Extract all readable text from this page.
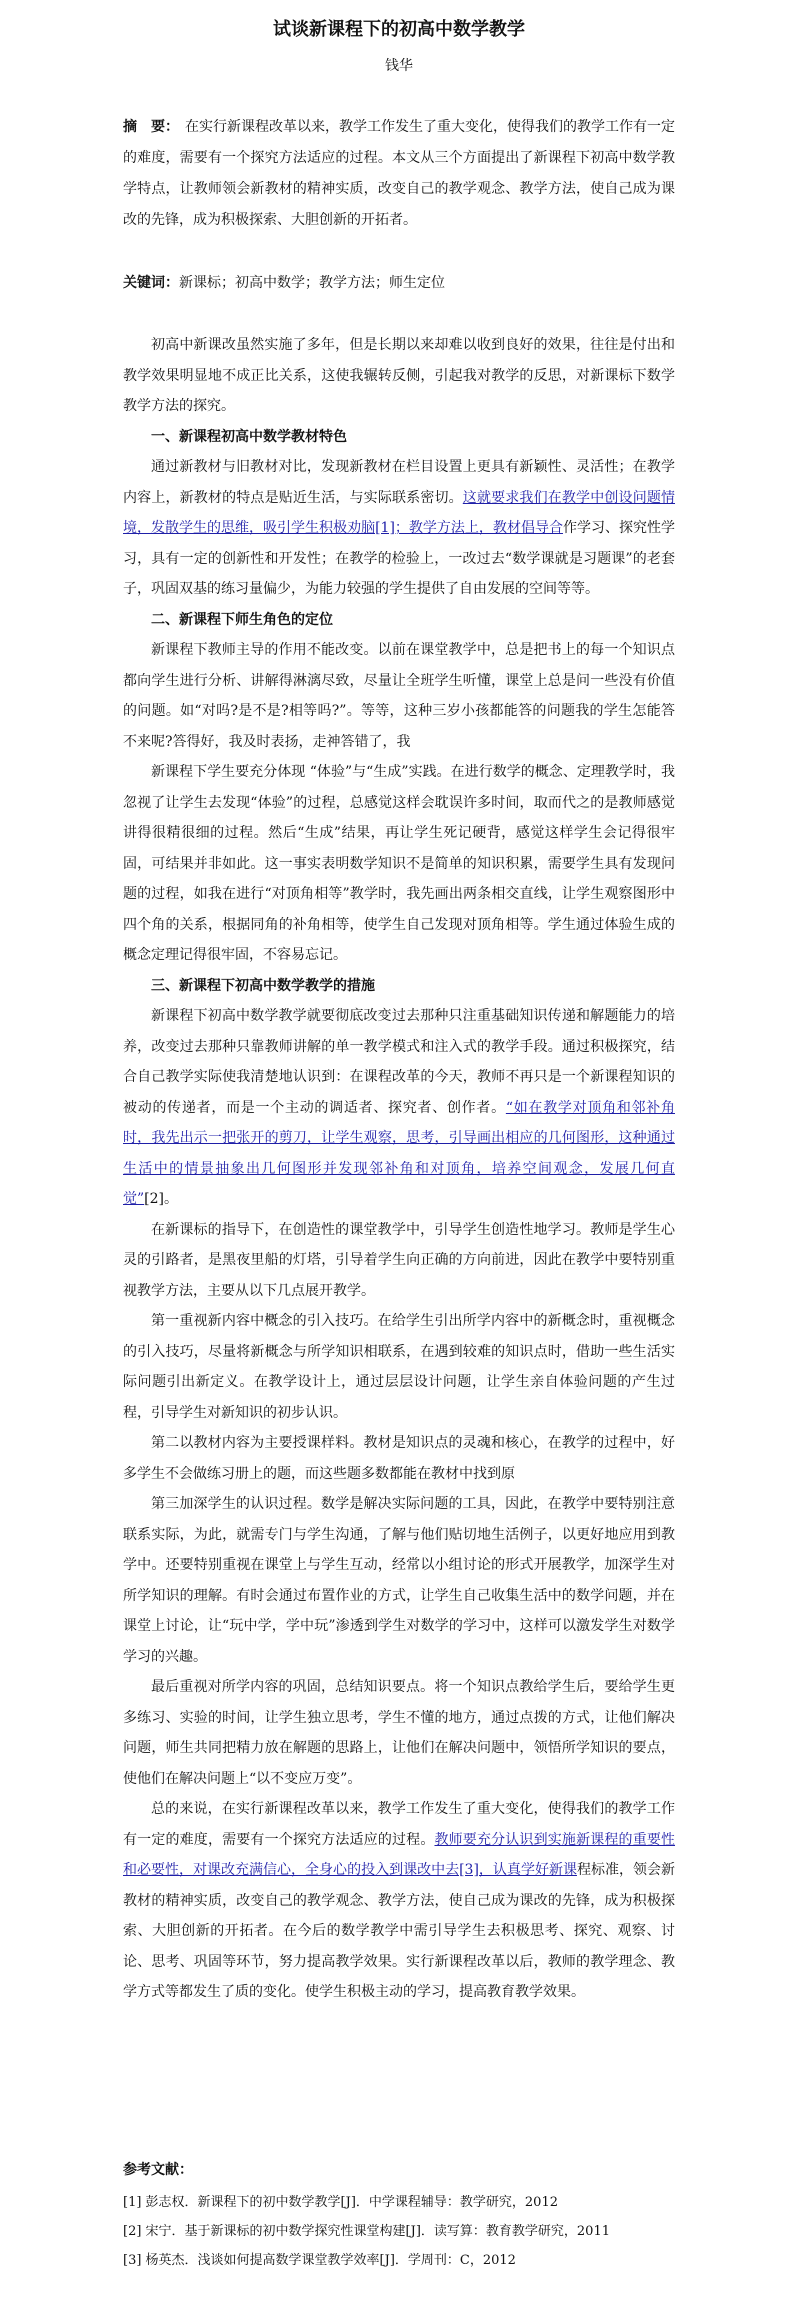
试谈新课程下的初高中数学教学
钱华
摘　要： 在实行新课程改革以来，教学工作发生了重大变化，使得我们的教学工作有一定的难度，需要有一个探究方法适应的过程。本文从三个方面提出了新课程下初高中数学教学特点，让教师领会新教材的精神实质，改变自己的教学观念、教学方法，使自己成为课改的先锋，成为积极探索、大胆创新的开拓者。
关键词：新课标；初高中数学；教学方法；师生定位

初高中新课改虽然实施了多年，但是长期以来却难以收到良好的效果，往往是付出和教学效果明显地不成正比关系，这使我辗转反侧，引起我对教学的反思，对新课标下数学教学方法的探究。

一、新课程初高中数学教材特色

通过新教材与旧教材对比，发现新教材在栏目设置上更具有新颖性、灵活性；在教学内容上，新教材的特点是贴近生活，与实际联系密切。这就要求我们在教学中创设问题情境，发散学生的思维，吸引学生积极劝脑[1]；教学方法上，教材倡导合作学习、探究性学习，具有一定的创新性和开发性；在教学的检验上，一改过去“数学课就是习题课”的老套子，巩固双基的练习量偏少，为能力较强的学生提供了自由发展的空间等等。

二、新课程下师生角色的定位

新课程下教师主导的作用不能改变。以前在课堂教学中，总是把书上的每一个知识点都向学生进行分析、讲解得淋漓尽致，尽量让全班学生听懂，课堂上总是问一些没有价值的问题。如“对吗?是不是?相等吗?”。等等，这种三岁小孩都能答的问题我的学生怎能答不来呢?答得好，我及时表扬，走神答错了，我

新课程下学生要充分体现 “体验”与“生成”实践。在进行数学的概念、定理教学时，我忽视了让学生去发现“体验”的过程，总感觉这样会耽误许多时间，取而代之的是教师感觉讲得很精很细的过程。然后“生成”结果，再让学生死记硬背，感觉这样学生会记得很牢固，可结果并非如此。这一事实表明数学知识不是简单的知识积累，需要学生具有发现问题的过程，如我在进行“对顶角相等”教学时，我先画出两条相交直线，让学生观察图形中四个角的关系，根据同角的补角相等，使学生自己发现对顶角相等。学生通过体验生成的概念定理记得很牢固，不容易忘记。

三、新课程下初高中数学教学的措施

新课程下初高中数学教学就要彻底改变过去那种只注重基础知识传递和解题能力的培养，改变过去那种只靠教师讲解的单一教学模式和注入式的教学手段。通过积极探究，结合自己教学实际使我清楚地认识到：在课程改革的今天，教师不再只是一个新课程知识的被动的传递者，而是一个主动的调适者、探究者、创作者。“如在教学对顶角和邻补角时，我先出示一把张开的剪刀，让学生观察，思考，引导画出相应的几何图形，这种通过生活中的情景抽象出几何图形并发现邻补角和对顶角，培养空间观念，发展几何直觉”[2]。

在新课标的指导下，在创造性的课堂教学中，引导学生创造性地学习。教师是学生心灵的引路者，是黑夜里船的灯塔，引导着学生向正确的方向前进，因此在教学中要特别重视教学方法，主要从以下几点展开教学。

第一重视新内容中概念的引入技巧。在给学生引出所学内容中的新概念时，重视概念的引入技巧，尽量将新概念与所学知识相联系，在遇到较难的知识点时，借助一些生活实际问题引出新定义。在教学设计上，通过层层设计问题，让学生亲自体验问题的产生过程，引导学生对新知识的初步认识。

第二以教材内容为主要授课样料。教材是知识点的灵魂和核心，在教学的过程中，好多学生不会做练习册上的题，而这些题多数都能在教材中找到原

第三加深学生的认识过程。数学是解决实际问题的工具，因此，在教学中要特别注意联系实际，为此，就需专门与学生沟通，了解与他们贴切地生活例子，以更好地应用到教学中。还要特别重视在课堂上与学生互动，经常以小组讨论的形式开展教学，加深学生对所学知识的理解。有时会通过布置作业的方式，让学生自己收集生活中的数学问题，并在课堂上讨论，让“玩中学，学中玩”渗透到学生对数学的学习中，这样可以激发学生对数学学习的兴趣。

最后重视对所学内容的巩固，总结知识要点。将一个知识点教给学生后，要给学生更多练习、实验的时间，让学生独立思考，学生不懂的地方，通过点拨的方式，让他们解决问题，师生共同把精力放在解题的思路上，让他们在解决问题中，领悟所学知识的要点，使他们在解决问题上“以不变应万变”。

总的来说，在实行新课程改革以来，教学工作发生了重大变化，使得我们的教学工作有一定的难度，需要有一个探究方法适应的过程。教师要充分认识到实施新课程的重要性和必要性，对课改充满信心，全身心的投入到课改中去[3]，认真学好新课程标准，领会新教材的精神实质，改变自己的教学观念、教学方法，使自己成为课改的先锋，成为积极探索、大胆创新的开拓者。在今后的数学教学中需引导学生去积极思考、探究、观察、讨论、思考、巩固等环节，努力提高教学效果。实行新课程改革以后，教师的教学理念、教学方式等都发生了质的变化。使学生积极主动的学习，提高教育教学效果。

参考文献：

[1] 彭志权．新课程下的初中数学教学[J]．中学课程辅导：教学研究，2012

[2] 宋宁．基于新课标的初中数学探究性课堂构建[J]．读写算：教育教学研究，2011

[3] 杨英杰．浅谈如何提高数学课堂教学效率[J]．学周刊：C，2012
